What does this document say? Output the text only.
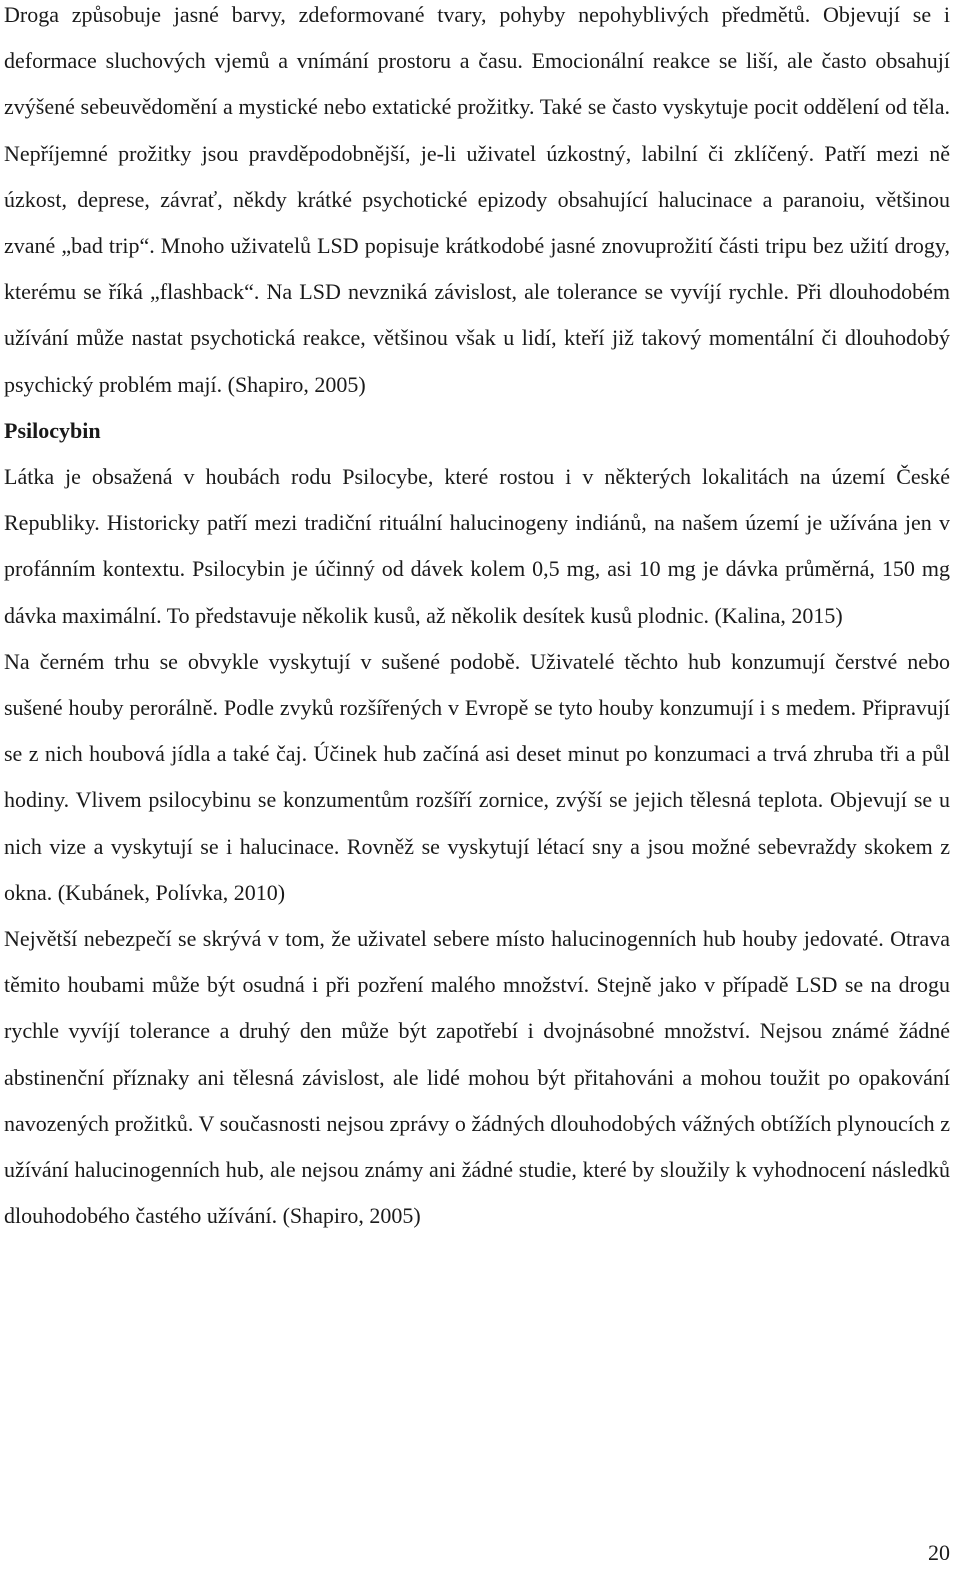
Droga způsobuje jasné barvy, zdeformované tvary, pohyby nepohyblivých předmětů. Objevují se i deformace sluchových vjemů a vnímání prostoru a času. Emocionální reakce se liší, ale často obsahují zvýšené sebeuvědomění a mystické nebo extatické prožitky. Také se často vyskytuje pocit oddělení od těla. Nepříjemné prožitky jsou pravděpodobnější, je-li uživatel úzkostný, labilní či zklíčený. Patří mezi ně úzkost, deprese, závrať, někdy krátké psychotické epizody obsahující halucinace a paranoiu, většinou zvané „bad trip“. Mnoho uživatelů LSD popisuje krátkodobé jasné znovuprožití části tripu bez užití drogy, kterému se říká „flashback“. Na LSD nevzniká závislost, ale tolerance se vyvíjí rychle. Při dlouhodobém užívání může nastat psychotická reakce, většinou však u lidí, kteří již takový momentální či dlouhodobý psychický problém mají. (Shapiro, 2005)

Psilocybin

Látka je obsažená v houbách rodu Psilocybe, které rostou i v některých lokalitách na území České Republiky. Historicky patří mezi tradiční rituální halucinogeny indiánů, na našem území je užívána jen v profánním kontextu. Psilocybin je účinný od dávek kolem 0,5 mg, asi 10 mg je dávka průměrná, 150 mg dávka maximální. To představuje několik kusů, až několik desítek kusů plodnic. (Kalina, 2015)

Na černém trhu se obvykle vyskytují v sušené podobě. Uživatelé těchto hub konzumují čerstvé nebo sušené houby perorálně. Podle zvyků rozšířených v Evropě se tyto houby konzumují i s medem. Připravují se z nich houbová jídla a také čaj. Účinek hub začíná asi deset minut po konzumaci a trvá zhruba tři a půl hodiny. Vlivem psilocybinu se konzumentům rozšíří zornice, zvýší se jejich tělesná teplota. Objevují se u nich vize a vyskytují se i halucinace. Rovněž se vyskytují létací sny a jsou možné sebevraždy skokem z okna. (Kubánek, Polívka, 2010)

Největší nebezpečí se skrývá v tom, že uživatel sebere místo halucinogenních hub houby jedovaté. Otrava těmito houbami může být osudná i při pozření malého množství. Stejně jako v případě LSD se na drogu rychle vyvíjí tolerance a druhý den může být zapotřebí i dvojnásobné množství. Nejsou známé žádné abstinenční příznaky ani tělesná závislost, ale lidé mohou být přitahováni a mohou toužit po opakování navozených prožitků. V současnosti nejsou zprávy o žádných dlouhodobých vážných obtížích plynoucích z užívání halucinogenních hub, ale nejsou známy ani žádné studie, které by sloužily k vyhodnocení následků dlouhodobého častého užívání. (Shapiro, 2005)

20
